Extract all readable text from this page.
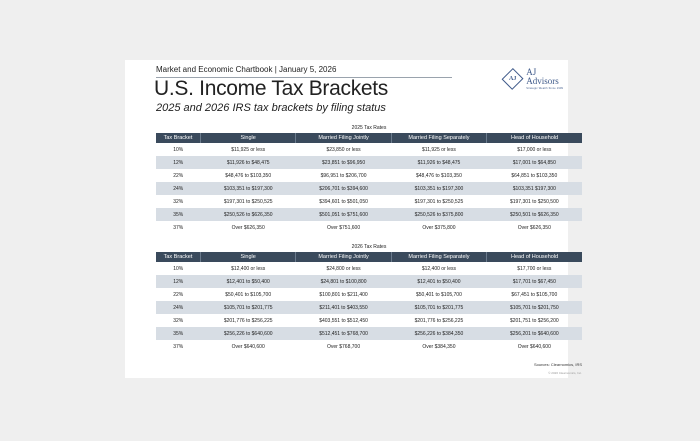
Market and Economic Chartbook | January 5, 2026
AJ
AJ Advisors
Strategic Wealth Since 1999
U.S. Income Tax Brackets
2025 and 2026 IRS tax brackets by filing status
2025 Tax Rates
Tax Bracket	Single	Married Filing Jointly	Married Filing Separately	Head of Household
10%	$11,925 or less	$23,850 or less	$11,925 or less	$17,000 or less
12%	$11,926 to $48,475	$23,851 to $96,950	$11,926 to $48,475	$17,001 to $64,850
22%	$48,476 to $103,350	$96,951 to $206,700	$48,476 to $103,350	$64,851 to $103,350
24%	$103,351 to $197,300	$206,701 to $394,600	$103,351 to $197,300	$103,351 $197,300
32%	$197,301 to $250,525	$394,601 to $501,050	$197,301 to $250,525	$197,301 to $250,500
35%	$250,526 to $626,350	$501,051 to $751,600	$250,526 to $375,800	$250,501 to $626,350
37%	Over $626,350	Over $751,600	Over $375,800	Over $626,350
2026 Tax Rates
Tax Bracket	Single	Married Filing Jointly	Married Filing Separately	Head of Household
10%	$12,400 or less	$24,800 or less	$12,400 or less	$17,700 or less
12%	$12,401 to $50,400	$24,801 to $100,800	$12,401 to $50,400	$17,701 to $67,450
22%	$50,401 to $105,700	$100,801 to $211,400	$50,401 to $105,700	$67,451 to $105,700
24%	$105,701 to $201,775	$211,401 to $403,550	$105,701 to $201,775	$105,701 to $201,750
32%	$201,776 to $256,225	$403,551 to $512,450	$201,776 to $256,225	$201,751 to $256,200
35%	$256,226 to $640,600	$512,451 to $768,700	$256,226 to $384,350	$256,201 to $640,600
37%	Over $640,600	Over $768,700	Over $384,350	Over $640,600
Sources: Clearnomics, IRS
© 2026 Clearnomics, Inc.
